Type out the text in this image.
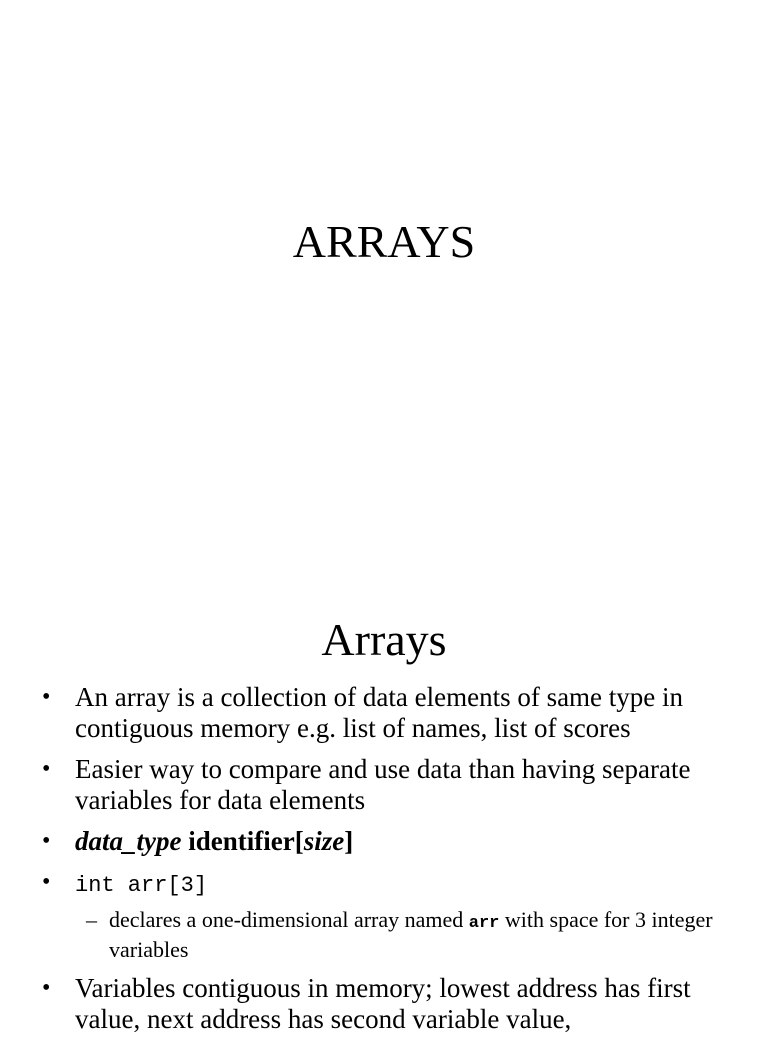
ARRAYS
Arrays
• An array is a collection of data elements of same type in contiguous memory e.g. list of names, list of scores
• Easier way to compare and use data than having separate variables for data elements
• data_type identifier[size]
• int arr[3]
– declares a one-dimensional array named arr with space for 3 integer variables
• Variables contiguous in memory; lowest address has first value, next address has second variable value,
